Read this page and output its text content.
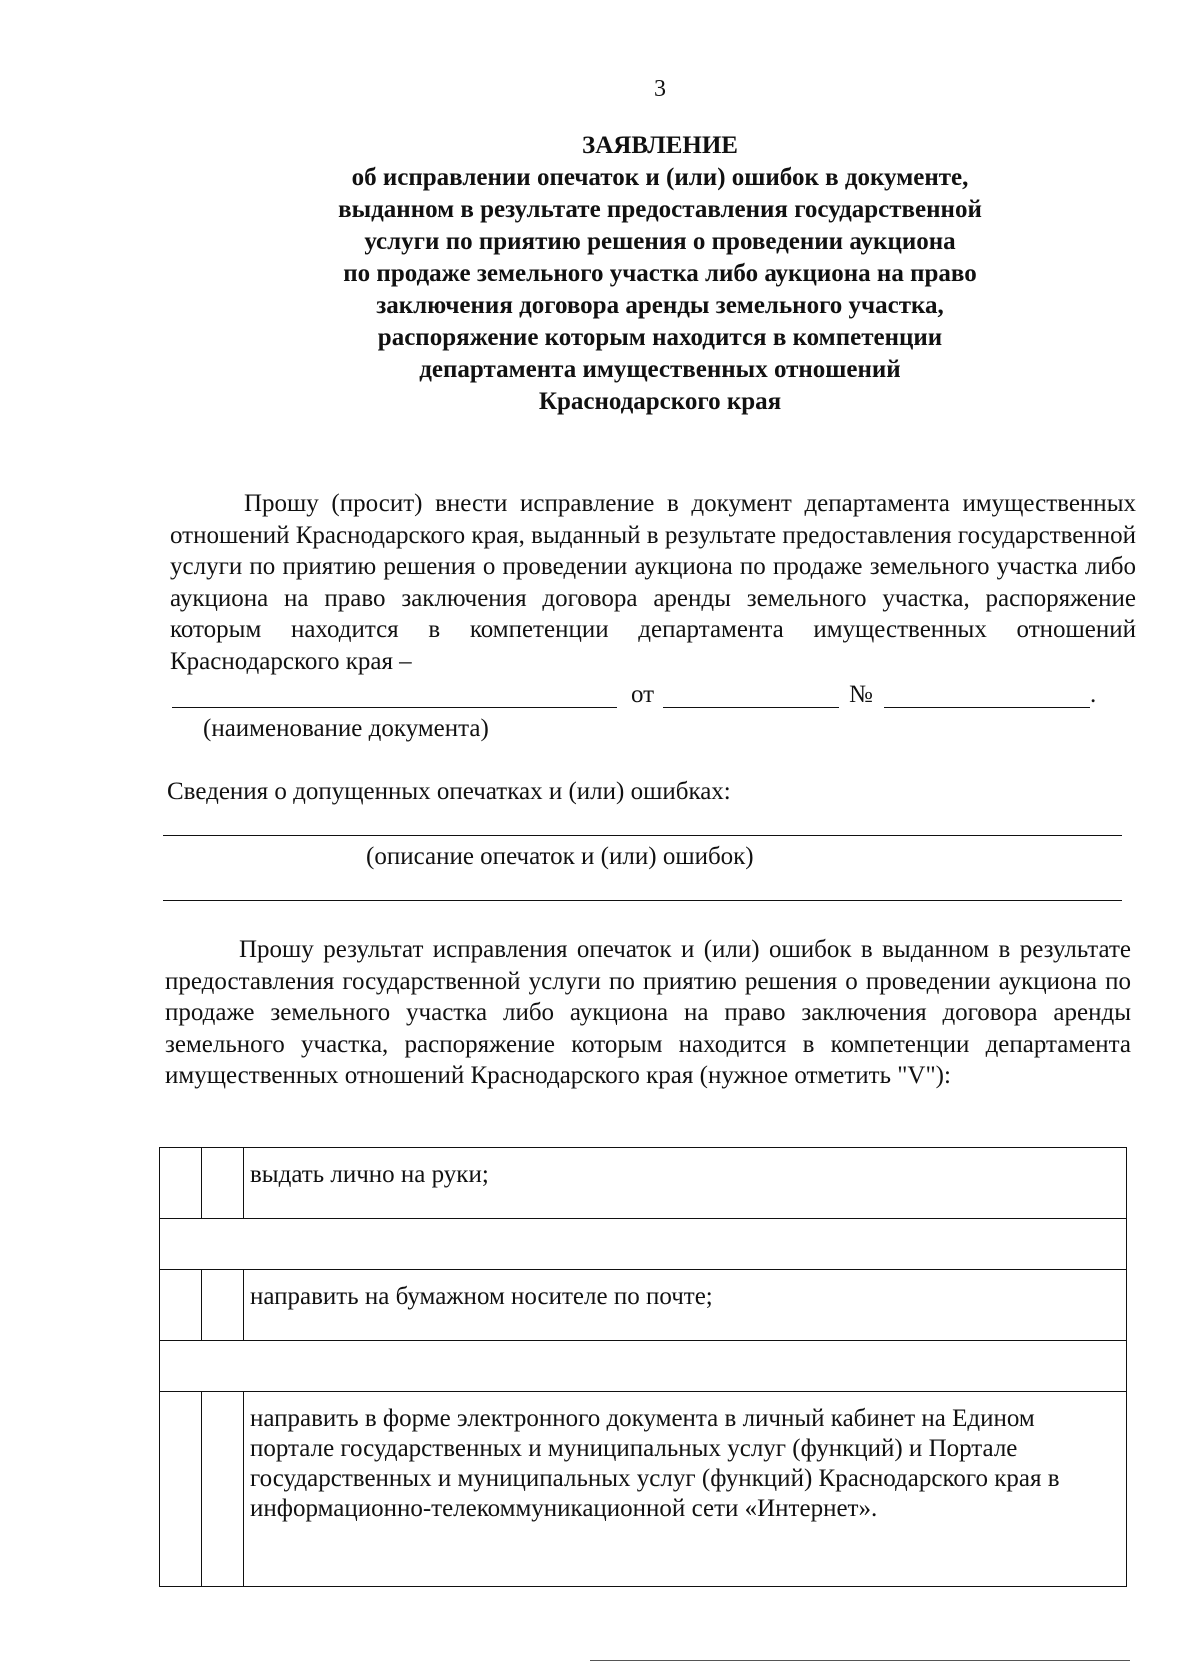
3
ЗАЯВЛЕНИЕ
об исправлении опечаток и (или) ошибок в документе,
выданном в результате предоставления государственной
услуги по приятию решения о проведении аукциона
по продаже земельного участка либо аукциона на право
заключения договора аренды земельного участка,
распоряжение которым находится в компетенции
департамента имущественных отношений
Краснодарского края
Прошу (просит) внести исправление в документ департамента имущественных отношений Краснодарского края, выданный в результате предоставления государственной услуги по приятию решения о проведении аукциона по продаже земельного участка либо аукциона на право заключения договора аренды земельного участка, распоряжение которым находится в компетенции департамента имущественных отношений Краснодарского края –
от	№	.
(наименование документа)
Сведения о допущенных опечатках и (или) ошибках:
(описание опечаток и (или) ошибок)
Прошу результат исправления опечаток и (или) ошибок в выданном в результате предоставления государственной услуги по приятию решения о проведении аукциона по продаже земельного участка либо аукциона на право заключения договора аренды земельного участка, распоряжение которым находится в компетенции департамента имущественных отношений Краснодарского края (нужное отметить "V"):
		выдать лично на руки;

		направить на бумажном носителе по почте;

		направить в форме электронного документа в личный кабинет на Едином портале государственных и муниципальных услуг (функций) и Портале государственных и муниципальных услуг (функций) Краснодарского края в информационно-телекоммуникационной сети «Интернет».
